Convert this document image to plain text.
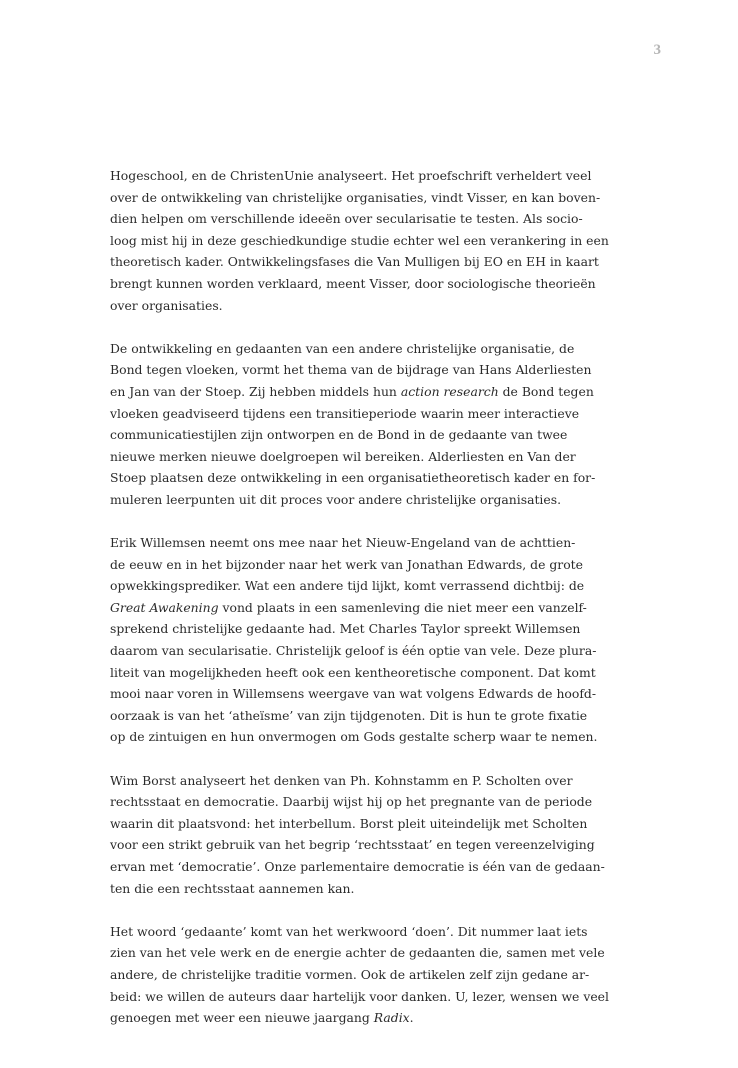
3
Hogeschool, en de ChristenUnie analyseert. Het proefschrift verheldert veel
over de ontwikkeling van christelijke organisaties, vindt Visser, en kan boven-
dien helpen om verschillende ideeën over secularisatie te testen. Als socio-
loog mist hij in deze geschiedkundige studie echter wel een verankering in een
theoretisch kader. Ontwikkelingsfases die Van Mulligen bij EO en EH in kaart
brengt kunnen worden verklaard, meent Visser, door sociologische theorieën
over organisaties.
De ontwikkeling en gedaanten van een andere christelijke organisatie, de
Bond tegen vloeken, vormt het thema van de bijdrage van Hans Alderliesten
en Jan van der Stoep. Zij hebben middels hun action research de Bond tegen
vloeken geadviseerd tijdens een transitieperiode waarin meer interactieve
communicatiestijlen zijn ontworpen en de Bond in de gedaante van twee
nieuwe merken nieuwe doelgroepen wil bereiken. Alderliesten en Van der
Stoep plaatsen deze ontwikkeling in een organisatietheoretisch kader en for-
muleren leerpunten uit dit proces voor andere christelijke organisaties.
Erik Willemsen neemt ons mee naar het Nieuw-Engeland van de achttien-
de eeuw en in het bijzonder naar het werk van Jonathan Edwards, de grote
opwekkingsprediker. Wat een andere tijd lijkt, komt verrassend dichtbij: de
Great Awakening vond plaats in een samenleving die niet meer een vanzelf-
sprekend christelijke gedaante had. Met Charles Taylor spreekt Willemsen
daarom van secularisatie. Christelijk geloof is één optie van vele. Deze plura-
liteit van mogelijkheden heeft ook een kentheoretische component. Dat komt
mooi naar voren in Willemsens weergave van wat volgens Edwards de hoofd-
oorzaak is van het ‘atheïsme’ van zijn tijdgenoten. Dit is hun te grote fixatie
op de zintuigen en hun onvermogen om Gods gestalte scherp waar te nemen.
Wim Borst analyseert het denken van Ph. Kohnstamm en P. Scholten over
rechtsstaat en democratie. Daarbij wijst hij op het pregnante van de periode
waarin dit plaatsvond: het interbellum. Borst pleit uiteindelijk met Scholten
voor een strikt gebruik van het begrip ‘rechtsstaat’ en tegen vereenzelviging
ervan met ‘democratie’. Onze parlementaire democratie is één van de gedaan-
ten die een rechtsstaat aannemen kan.
Het woord ‘gedaante’ komt van het werkwoord ‘doen’. Dit nummer laat iets
zien van het vele werk en de energie achter de gedaanten die, samen met vele
andere, de christelijke traditie vormen. Ook de artikelen zelf zijn gedane ar-
beid: we willen de auteurs daar hartelijk voor danken. U, lezer, wensen we veel
genoegen met weer een nieuwe jaargang Radix.
